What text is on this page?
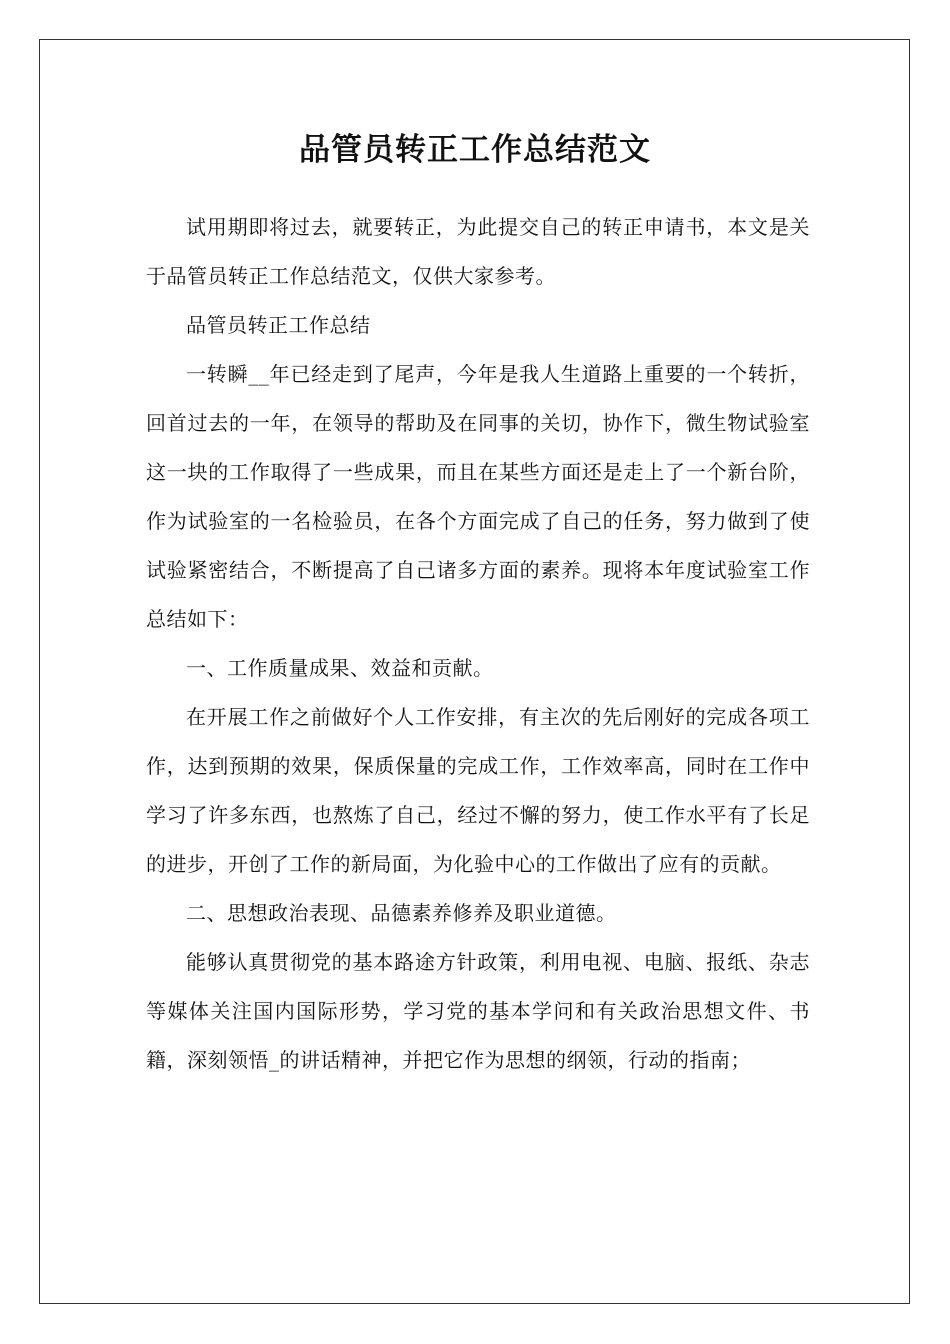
品管员转正工作总结范文

试用期即将过去，就要转正，为此提交自己的转正申请书，本文是关于品管员转正工作总结范文，仅供大家参考。

品管员转正工作总结

一转瞬__年已经走到了尾声，今年是我人生道路上重要的一个转折，回首过去的一年，在领导的帮助及在同事的关切，协作下，微生物试验室这一块的工作取得了一些成果，而且在某些方面还是走上了一个新台阶，作为试验室的一名检验员，在各个方面完成了自己的任务，努力做到了使试验紧密结合，不断提高了自己诸多方面的素养。现将本年度试验室工作总结如下：

一、工作质量成果、效益和贡献。

在开展工作之前做好个人工作安排，有主次的先后刚好的完成各项工作，达到预期的效果，保质保量的完成工作，工作效率高，同时在工作中学习了许多东西，也熬炼了自己，经过不懈的努力，使工作水平有了长足的进步，开创了工作的新局面，为化验中心的工作做出了应有的贡献。

二、思想政治表现、品德素养修养及职业道德。

能够认真贯彻党的基本路途方针政策，利用电视、电脑、报纸、杂志等媒体关注国内国际形势，学习党的基本学问和有关政治思想文件、书籍，深刻领悟_的讲话精神，并把它作为思想的纲领，行动的指南；
